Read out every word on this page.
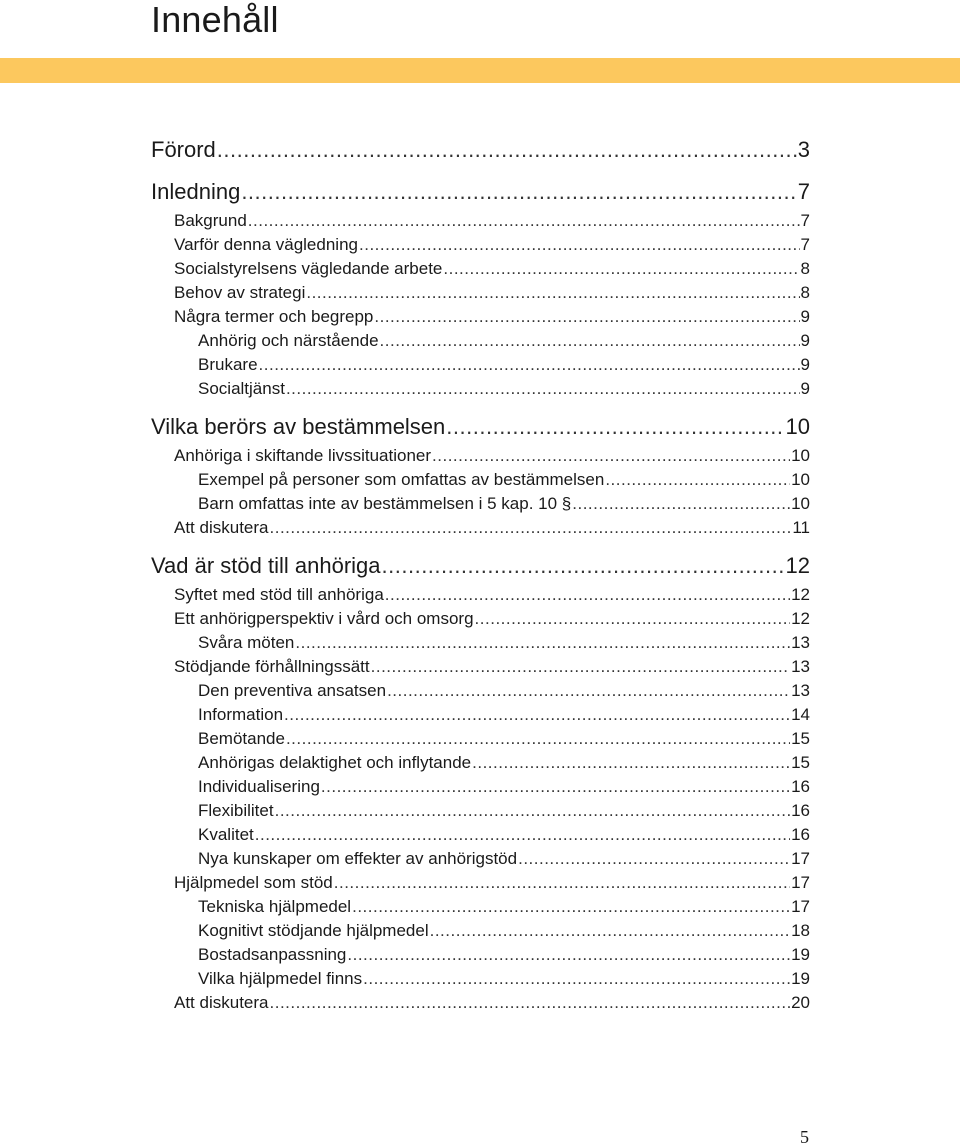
Innehåll
Förord .....	3
Inledning .....	7
Bakgrund .....	7
Varför denna vägledning .....	7
Socialstyrelsens vägledande arbete .....	8
Behov av strategi .....	8
Några termer och begrepp .....	9
Anhörig och närstående .....	9
Brukare .....	9
Socialtjänst .....	9
Vilka berörs av bestämmelsen .....	10
Anhöriga i skiftande livssituationer .....	10
Exempel på personer som omfattas av bestämmelsen .....	10
Barn omfattas inte av bestämmelsen i 5 kap. 10 § .....	10
Att diskutera .....	11
Vad är stöd till anhöriga .....	12
Syftet med stöd till anhöriga .....	12
Ett anhörigperspektiv i vård och omsorg .....	12
Svåra möten .....	13
Stödjande förhållningssätt .....	13
Den preventiva ansatsen .....	13
Information .....	14
Bemötande .....	15
Anhörigas delaktighet och inflytande .....	15
Individualisering .....	16
Flexibilitet .....	16
Kvalitet .....	16
Nya kunskaper om effekter av anhörigstöd .....	17
Hjälpmedel som stöd .....	17
Tekniska hjälpmedel .....	17
Kognitivt stödjande hjälpmedel .....	18
Bostadsanpassning .....	19
Vilka hjälpmedel finns .....	19
Att diskutera .....	20
5
